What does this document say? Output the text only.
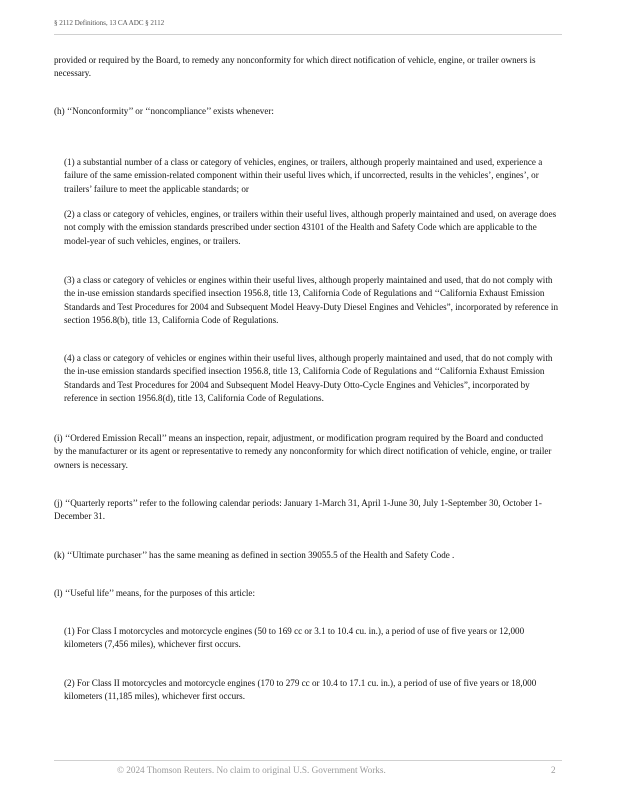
§ 2112 Definitions, 13 CA ADC § 2112
provided or required by the Board, to remedy any nonconformity for which direct notification of vehicle, engine, or trailer owners is necessary.
(h) ‘‘Nonconformity’’ or ‘‘noncompliance’’ exists whenever:
(1) a substantial number of a class or category of vehicles, engines, or trailers, although properly maintained and used, experience a failure of the same emission-related component within their useful lives which, if uncorrected, results in the vehicles’, engines’, or trailers’ failure to meet the applicable standards; or
(2) a class or category of vehicles, engines, or trailers within their useful lives, although properly maintained and used, on average does not comply with the emission standards prescribed under section 43101 of the Health and Safety Code which are applicable to the model-year of such vehicles, engines, or trailers.
(3) a class or category of vehicles or engines within their useful lives, although properly maintained and used, that do not comply with the in-use emission standards specified insection 1956.8, title 13, California Code of Regulations and ‘‘California Exhaust Emission Standards and Test Procedures for 2004 and Subsequent Model Heavy-Duty Diesel Engines and Vehicles”, incorporated by reference in section 1956.8(b), title 13, California Code of Regulations.
(4) a class or category of vehicles or engines within their useful lives, although properly maintained and used, that do not comply with the in-use emission standards specified insection 1956.8, title 13, California Code of Regulations and ‘‘California Exhaust Emission Standards and Test Procedures for 2004 and Subsequent Model Heavy-Duty Otto-Cycle Engines and Vehicles”, incorporated by reference in section 1956.8(d), title 13, California Code of Regulations.
(i) ‘‘Ordered Emission Recall’’ means an inspection, repair, adjustment, or modification program required by the Board and conducted by the manufacturer or its agent or representative to remedy any nonconformity for which direct notification of vehicle, engine, or trailer owners is necessary.
(j) ‘‘Quarterly reports’’ refer to the following calendar periods: January 1-March 31, April 1-June 30, July 1-September 30, October 1-December 31.
(k) ‘‘Ultimate purchaser’’ has the same meaning as defined in section 39055.5 of the Health and Safety Code .
(l) ‘‘Useful life’’ means, for the purposes of this article:
(1) For Class I motorcycles and motorcycle engines (50 to 169 cc or 3.1 to 10.4 cu. in.), a period of use of five years or 12,000 kilometers (7,456 miles), whichever first occurs.
(2) For Class II motorcycles and motorcycle engines (170 to 279 cc or 10.4 to 17.1 cu. in.), a period of use of five years or 18,000 kilometers (11,185 miles), whichever first occurs.
© 2024 Thomson Reuters. No claim to original U.S. Government Works.	2
